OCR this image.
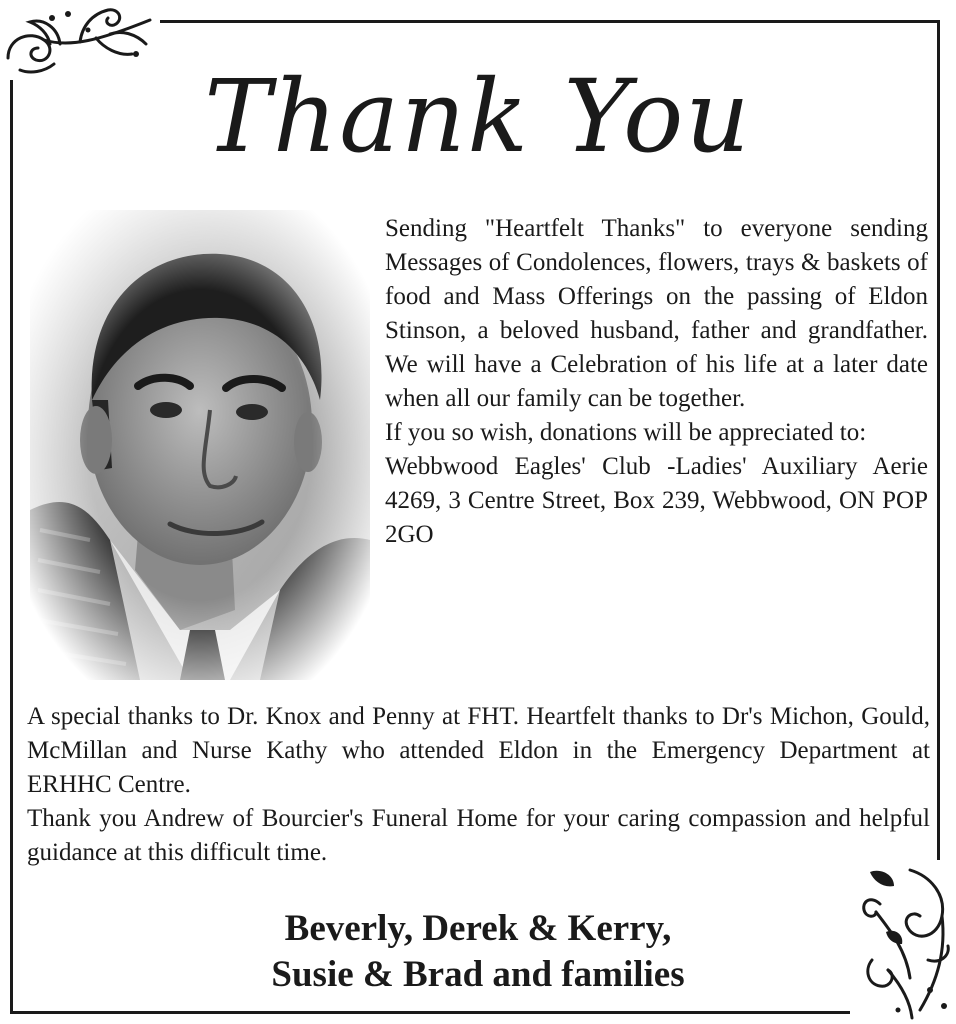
Thank You

Sending "Heartfelt Thanks" to everyone sending Messages of Condolences, flowers, trays & baskets of food and Mass Offerings on the passing of Eldon Stinson, a beloved husband, father and grandfather. We will have a Celebration of his life at a later date when all our family can be together.

If you so wish, donations will be appreciated to:

Webbwood Eagles' Club -Ladies' Auxiliary Aerie 4269, 3 Centre Street, Box 239, Webbwood, ON POP 2GO

A special thanks to Dr. Knox and Penny at FHT. Heartfelt thanks to Dr's Michon, Gould, McMillan and Nurse Kathy who attended Eldon in the Emergency Department at ERHHC Centre.

Thank you Andrew of Bourcier's Funeral Home for your caring compassion and helpful guidance at this difficult time.

Beverly, Derek & Kerry,
Susie & Brad and families
